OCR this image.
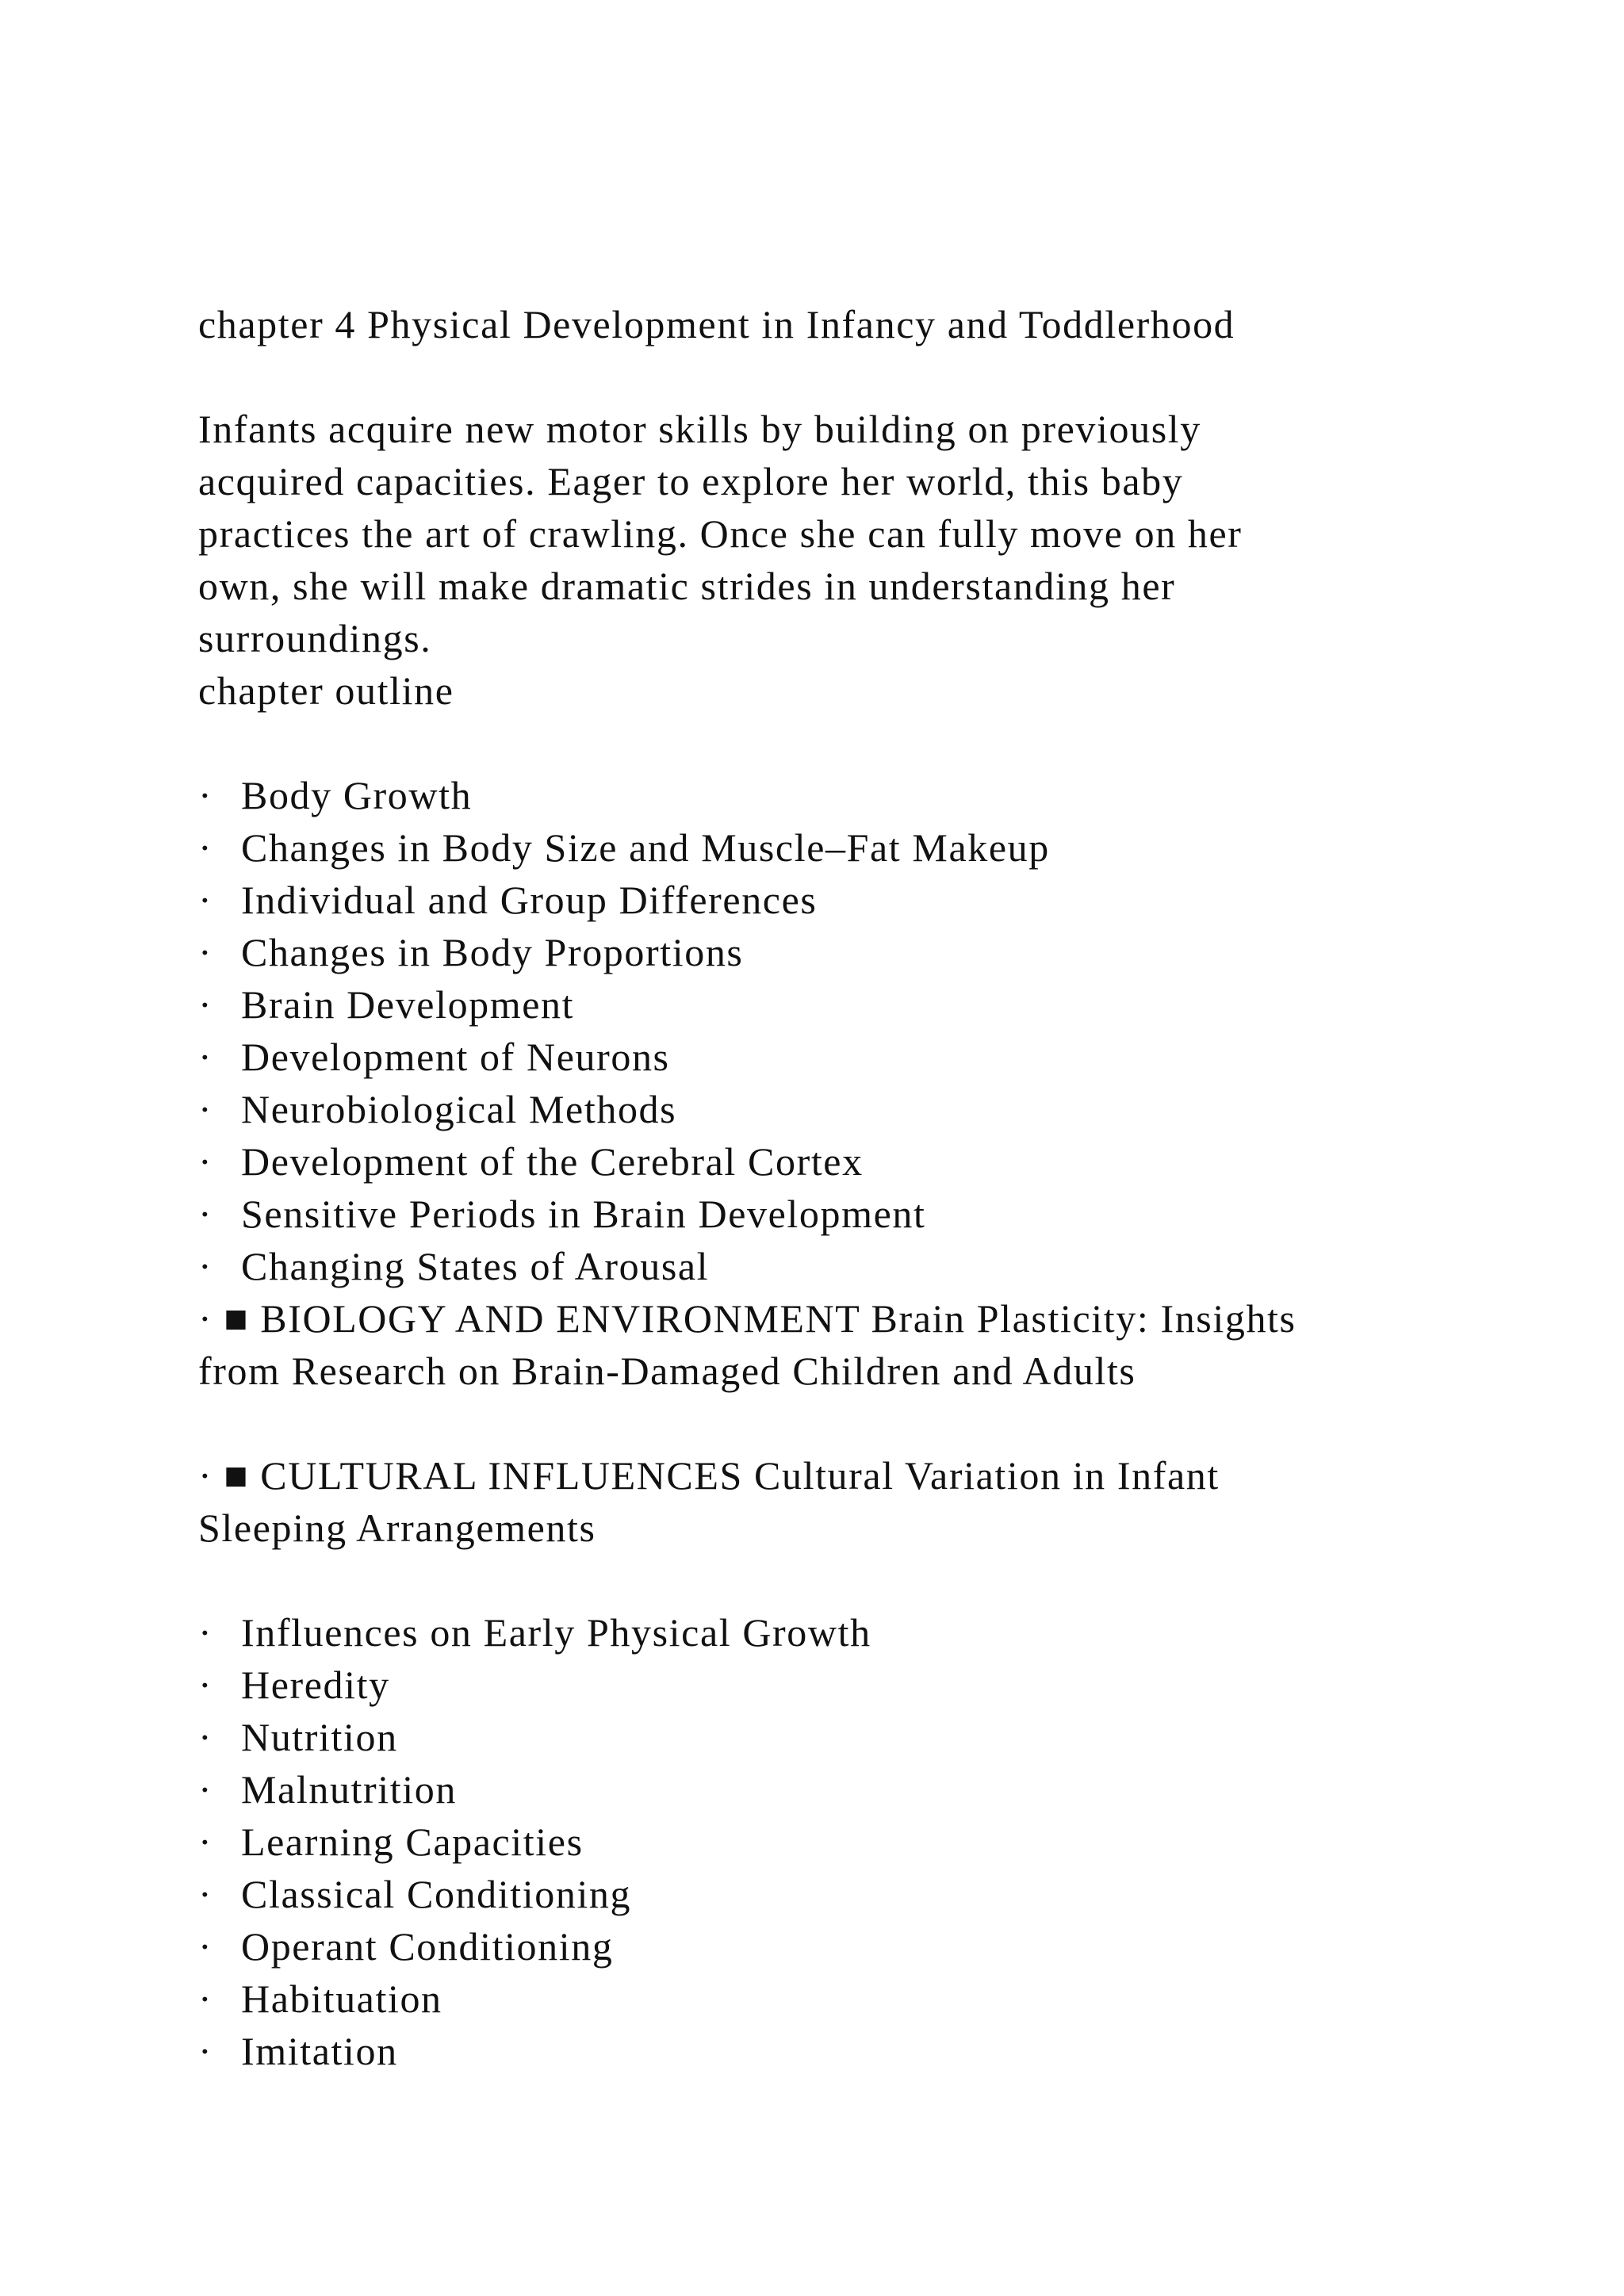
chapter 4 Physical Development in Infancy and Toddlerhood
Infants acquire new motor skills by building on previously
acquired capacities. Eager to explore her world, this baby
practices the art of crawling. Once she can fully move on her
own, she will make dramatic strides in understanding her
surroundings.
chapter outline
· Body Growth
· Changes in Body Size and Muscle–Fat Makeup
· Individual and Group Differences
· Changes in Body Proportions
· Brain Development
· Development of Neurons
· Neurobiological Methods
· Development of the Cerebral Cortex
· Sensitive Periods in Brain Development
· Changing States of Arousal
· ■ BIOLOGY AND ENVIRONMENT Brain Plasticity: Insights
from Research on Brain-Damaged Children and Adults
· ■ CULTURAL INFLUENCES Cultural Variation in Infant
Sleeping Arrangements
· Influences on Early Physical Growth
· Heredity
· Nutrition
· Malnutrition
· Learning Capacities
· Classical Conditioning
· Operant Conditioning
· Habituation
· Imitation
